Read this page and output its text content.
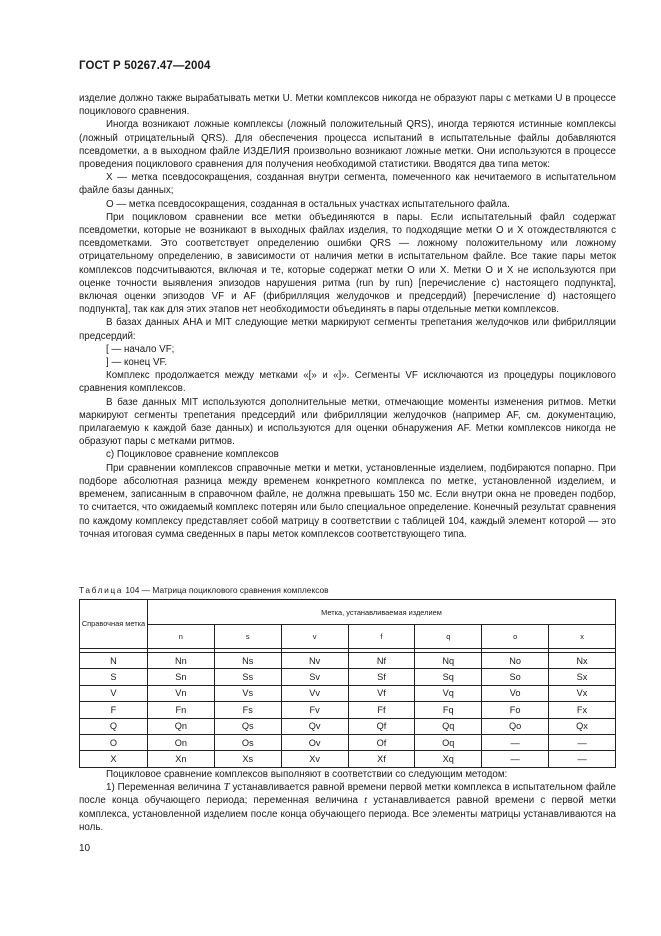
ГОСТ Р 50267.47—2004

изделие должно также вырабатывать метки U. Метки комплексов никогда не образуют пары с метками U в процессе поциклового сравнения.

Иногда возникают ложные комплексы (ложный положительный QRS), иногда теряются истинные комплексы (ложный отрицательный QRS). Для обеспечения процесса испытаний в испытательные файлы добавляются псевдометки, а в выходном файле ИЗДЕЛИЯ произвольно возникают ложные метки. Они используются в процессе проведения поциклового сравнения для получения необходимой статистики. Вводятся два типа меток:

X — метка псевдосокращения, созданная внутри сегмента, помеченного как нечитаемого в испытательном файле базы данных;

O — метка псевдосокращения, созданная в остальных участках испытательного файла.

При поцикловом сравнении все метки объединяются в пары. Если испытательный файл содержат псевдометки, которые не возникают в выходных файлах изделия, то подходящие метки O и X отождествляются с псевдометками. Это соответствует определению ошибки QRS — ложному положительному или ложному отрицательному определению, в зависимости от наличия метки в испытательном файле. Все такие пары меток комплексов подсчитываются, включая и те, которые содержат метки O или X. Метки O и X не используются при оценке точности выявления эпизодов нарушения ритма (run by run) [перечисление c) настоящего подпункта], включая оценки эпизодов VF и AF (фибрилляция желудочков и предсердий) [перечисление d) настоящего подпункта], так как для этих этапов нет необходимости объединять в пары отдельные метки комплексов.

В базах данных AHA и MIT следующие метки маркируют сегменты трепетания желудочков или фибрилляции предсердий:

[ — начало VF;

] — конец VF.

Комплекс продолжается между метками «[» и «]». Сегменты VF исключаются из процедуры поциклового сравнения комплексов.

В базе данных MIT используются дополнительные метки, отмечающие моменты изменения ритмов. Метки маркируют сегменты трепетания предсердий или фибрилляции желудочков (например AF, см. документацию, прилагаемую к каждой базе данных) и используются для оценки обнаружения AF. Метки комплексов никогда не образуют пары с метками ритмов.

c) Поцикловое сравнение комплексов

При сравнении комплексов справочные метки и метки, установленные изделием, подбираются попарно. При подборе абсолютная разница между временем конкретного комплекса по метке, установленной изделием, и временем, записанным в справочном файле, не должна превышать 150 мс. Если внутри окна не проведен подбор, то считается, что ожидаемый комплекс потерян или было специальное определение. Конечный результат сравнения по каждому комплексу представляет собой матрицу в соответствии с таблицей 104, каждый элемент которой — это точная итоговая сумма сведенных в пары меток комплексов соответствующего типа.

Таблица 104 — Матрица поциклового сравнения комплексов
Справочная метка	Метка, устанавливаемая изделием						
	n	s	v	f	q	o	x

N	Nn	Ns	Nv	Nf	Nq	No	Nx
S	Sn	Ss	Sv	Sf	Sq	So	Sx
V	Vn	Vs	Vv	Vf	Vq	Vo	Vx
F	Fn	Fs	Fv	Ff	Fq	Fo	Fx
Q	Qn	Qs	Qv	Qf	Qq	Qo	Qx
O	On	Os	Ov	Of	Oq	—	—
X	Xn	Xs	Xv	Xf	Xq	—	—

Поцикловое сравнение комплексов выполняют в соответствии со следующим методом:

1) Переменная величина T устанавливается равной времени первой метки комплекса в испытательном файле после конца обучающего периода; переменная величина t устанавливается равной времени с первой метки комплекса, установленной изделием после конца обучающего периода. Все элементы матрицы устанавливаются на ноль.

10
